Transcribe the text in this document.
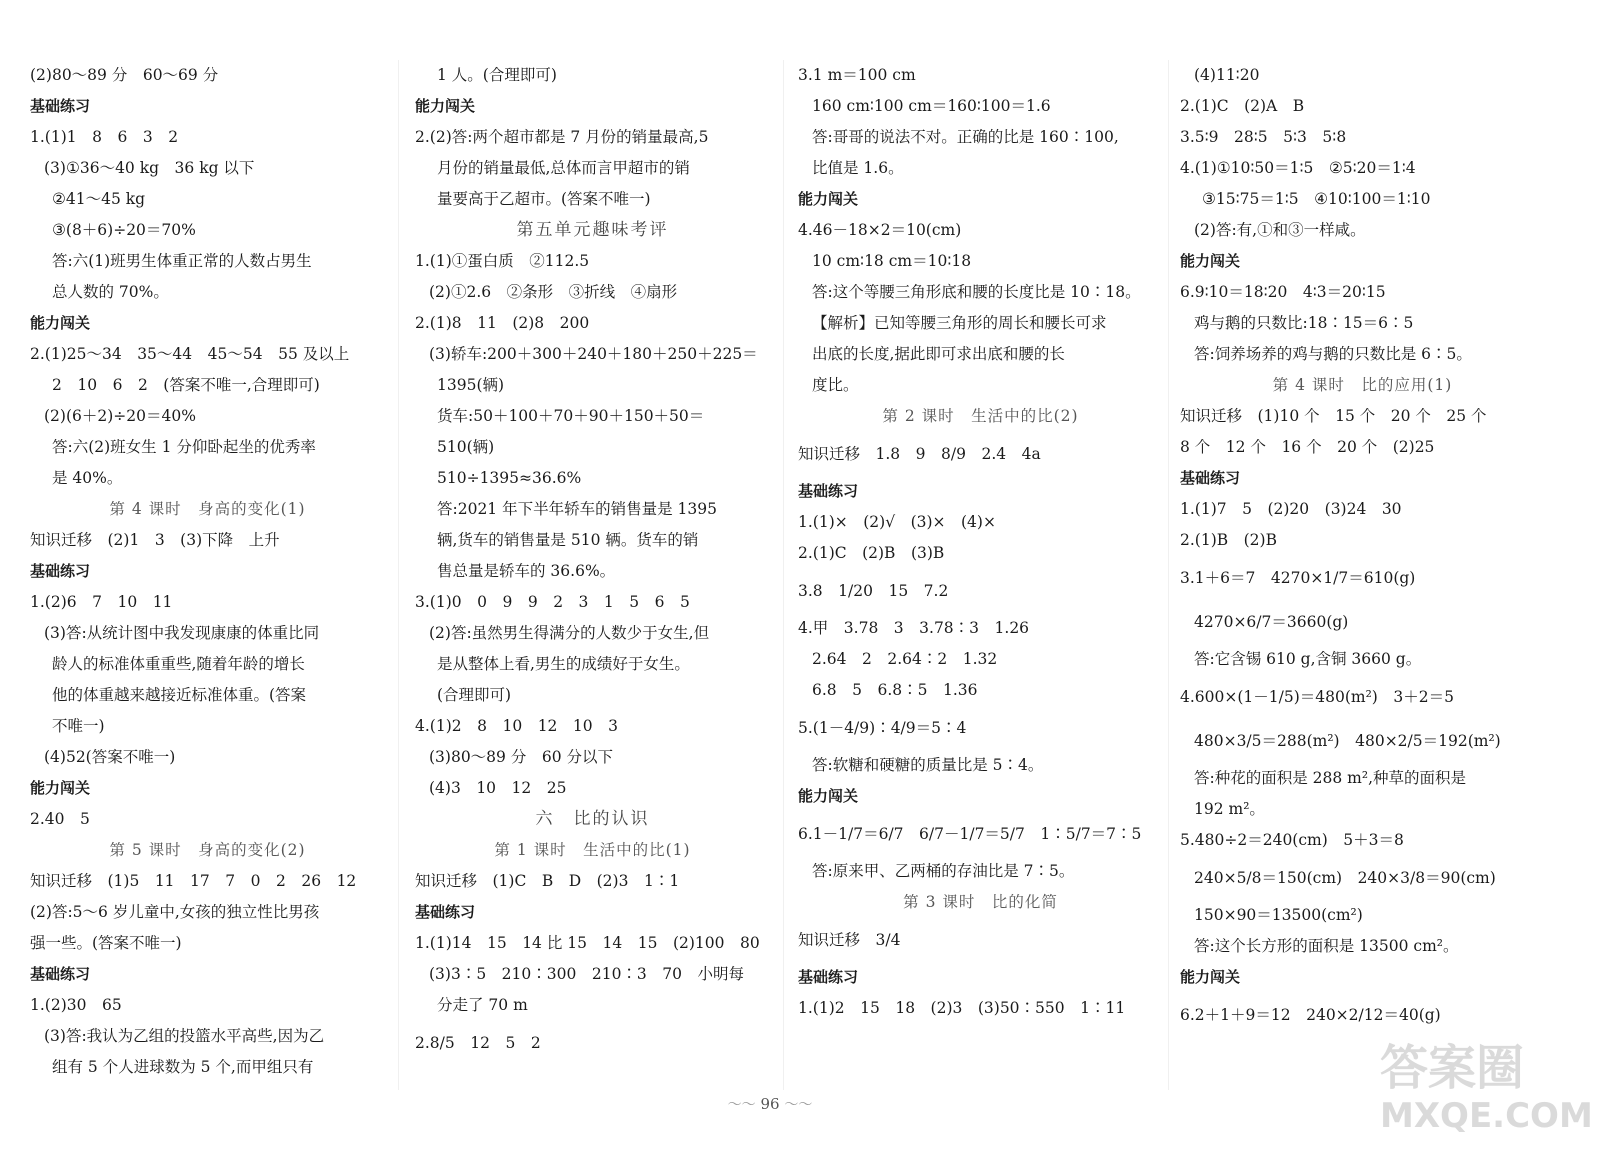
(2)80～89 分　60～69 分
基础练习
1.(1)1　8　6　3　2
(3)①36～40 kg　36 kg 以下
②41～45 kg
③(8＋6)÷20＝70%
答:六(1)班男生体重正常的人数占男生
总人数的 70%。
能力闯关
2.(1)25～34　35～44　45～54　55 及以上
2　10　6　2　(答案不唯一,合理即可)
(2)(6＋2)÷20＝40%
答:六(2)班女生 1 分仰卧起坐的优秀率
是 40%。
第 4 课时　身高的变化(1)
知识迁移　(2)1　3　(3)下降　上升
基础练习
1.(2)6　7　10　11
(3)答:从统计图中我发现康康的体重比同
龄人的标准体重重些,随着年龄的增长
他的体重越来越接近标准体重。(答案
不唯一)
(4)52(答案不唯一)
能力闯关
2.40　5
第 5 课时　身高的变化(2)
知识迁移　(1)5　11　17　7　0　2　26　12
(2)答:5～6 岁儿童中,女孩的独立性比男孩
强一些。(答案不唯一)
基础练习
1.(2)30　65
(3)答:我认为乙组的投篮水平高些,因为乙
组有 5 个人进球数为 5 个,而甲组只有
1 人。(合理即可)
能力闯关
2.(2)答:两个超市都是 7 月份的销量最高,5
月份的销量最低,总体而言甲超市的销
量要高于乙超市。(答案不唯一)
第五单元趣味考评
1.(1)①蛋白质　②112.5
(2)①2.6　②条形　③折线　④扇形
2.(1)8　11　(2)8　200
(3)轿车:200＋300＋240＋180＋250＋225＝
1395(辆)
货车:50＋100＋70＋90＋150＋50＝
510(辆)
510÷1395≈36.6%
答:2021 年下半年轿车的销售量是 1395
辆,货车的销售量是 510 辆。货车的销
售总量是轿车的 36.6%。
3.(1)0　0　9　9　2　3　1　5　6　5
(2)答:虽然男生得满分的人数少于女生,但
是从整体上看,男生的成绩好于女生。
(合理即可)
4.(1)2　8　10　12　10　3
(3)80～89 分　60 分以下
(4)3　10　12　25
六　比的认识
第 1 课时　生活中的比(1)
知识迁移　(1)C　B　D　(2)3　1∶1
基础练习
1.(1)14　15　14 比 15　14　15　(2)100　80
(3)3∶5　210∶300　210∶3　70　小明每
分走了 70 m
2.8/5　12　5　2
3.1 m＝100 cm
160 cm∶100 cm＝160∶100＝1.6
答:哥哥的说法不对。正确的比是 160∶100,
比值是 1.6。
能力闯关
4.46－18×2＝10(cm)
10 cm∶18 cm＝10∶18
答:这个等腰三角形底和腰的长度比是 10∶18。
【解析】已知等腰三角形的周长和腰长可求
出底的长度,据此即可求出底和腰的长
度比。
第 2 课时　生活中的比(2)
知识迁移　1.8　9　8/9　2.4　4a
基础练习
1.(1)×　(2)√　(3)×　(4)×
2.(1)C　(2)B　(3)B
3.8　1/20　15　7.2
4.甲　3.78　3　3.78∶3　1.26
2.64　2　2.64∶2　1.32
6.8　5　6.8∶5　1.36
5.(1－4/9)∶4/9＝5∶4
答:软糖和硬糖的质量比是 5∶4。
能力闯关
6.1－1/7＝6/7　6/7－1/7＝5/7　1∶5/7＝7∶5
答:原来甲、乙两桶的存油比是 7∶5。
第 3 课时　比的化简
知识迁移　3/4
基础练习
1.(1)2　15　18　(2)3　(3)50∶550　1∶11
(4)11∶20
2.(1)C　(2)A　B
3.5∶9　28∶5　5∶3　5∶8
4.(1)①10∶50＝1∶5　②5∶20＝1∶4
③15∶75＝1∶5　④10∶100＝1∶10
(2)答:有,①和③一样咸。
能力闯关
6.9∶10＝18∶20　4∶3＝20∶15
鸡与鹅的只数比:18∶15＝6∶5
答:饲养场养的鸡与鹅的只数比是 6∶5。
第 4 课时　比的应用(1)
知识迁移　(1)10 个　15 个　20 个　25 个
8 个　12 个　16 个　20 个　(2)25
基础练习
1.(1)7　5　(2)20　(3)24　30
2.(1)B　(2)B
3.1＋6＝7　4270×1/7＝610(g)
4270×6/7＝3660(g)
答:它含锡 610 g,含铜 3660 g。
4.600×(1－1/5)＝480(m²)　3＋2＝5
480×3/5＝288(m²)　480×2/5＝192(m²)
答:种花的面积是 288 m²,种草的面积是
192 m²。
5.480÷2＝240(cm)　5＋3＝8
240×5/8＝150(cm)　240×3/8＝90(cm)
150×90＝13500(cm²)
答:这个长方形的面积是 13500 cm²。
能力闯关
6.2＋1＋9＝12　240×2/12＝40(g)
〜〜 96 〜〜
答案圈
MXQE.COM
